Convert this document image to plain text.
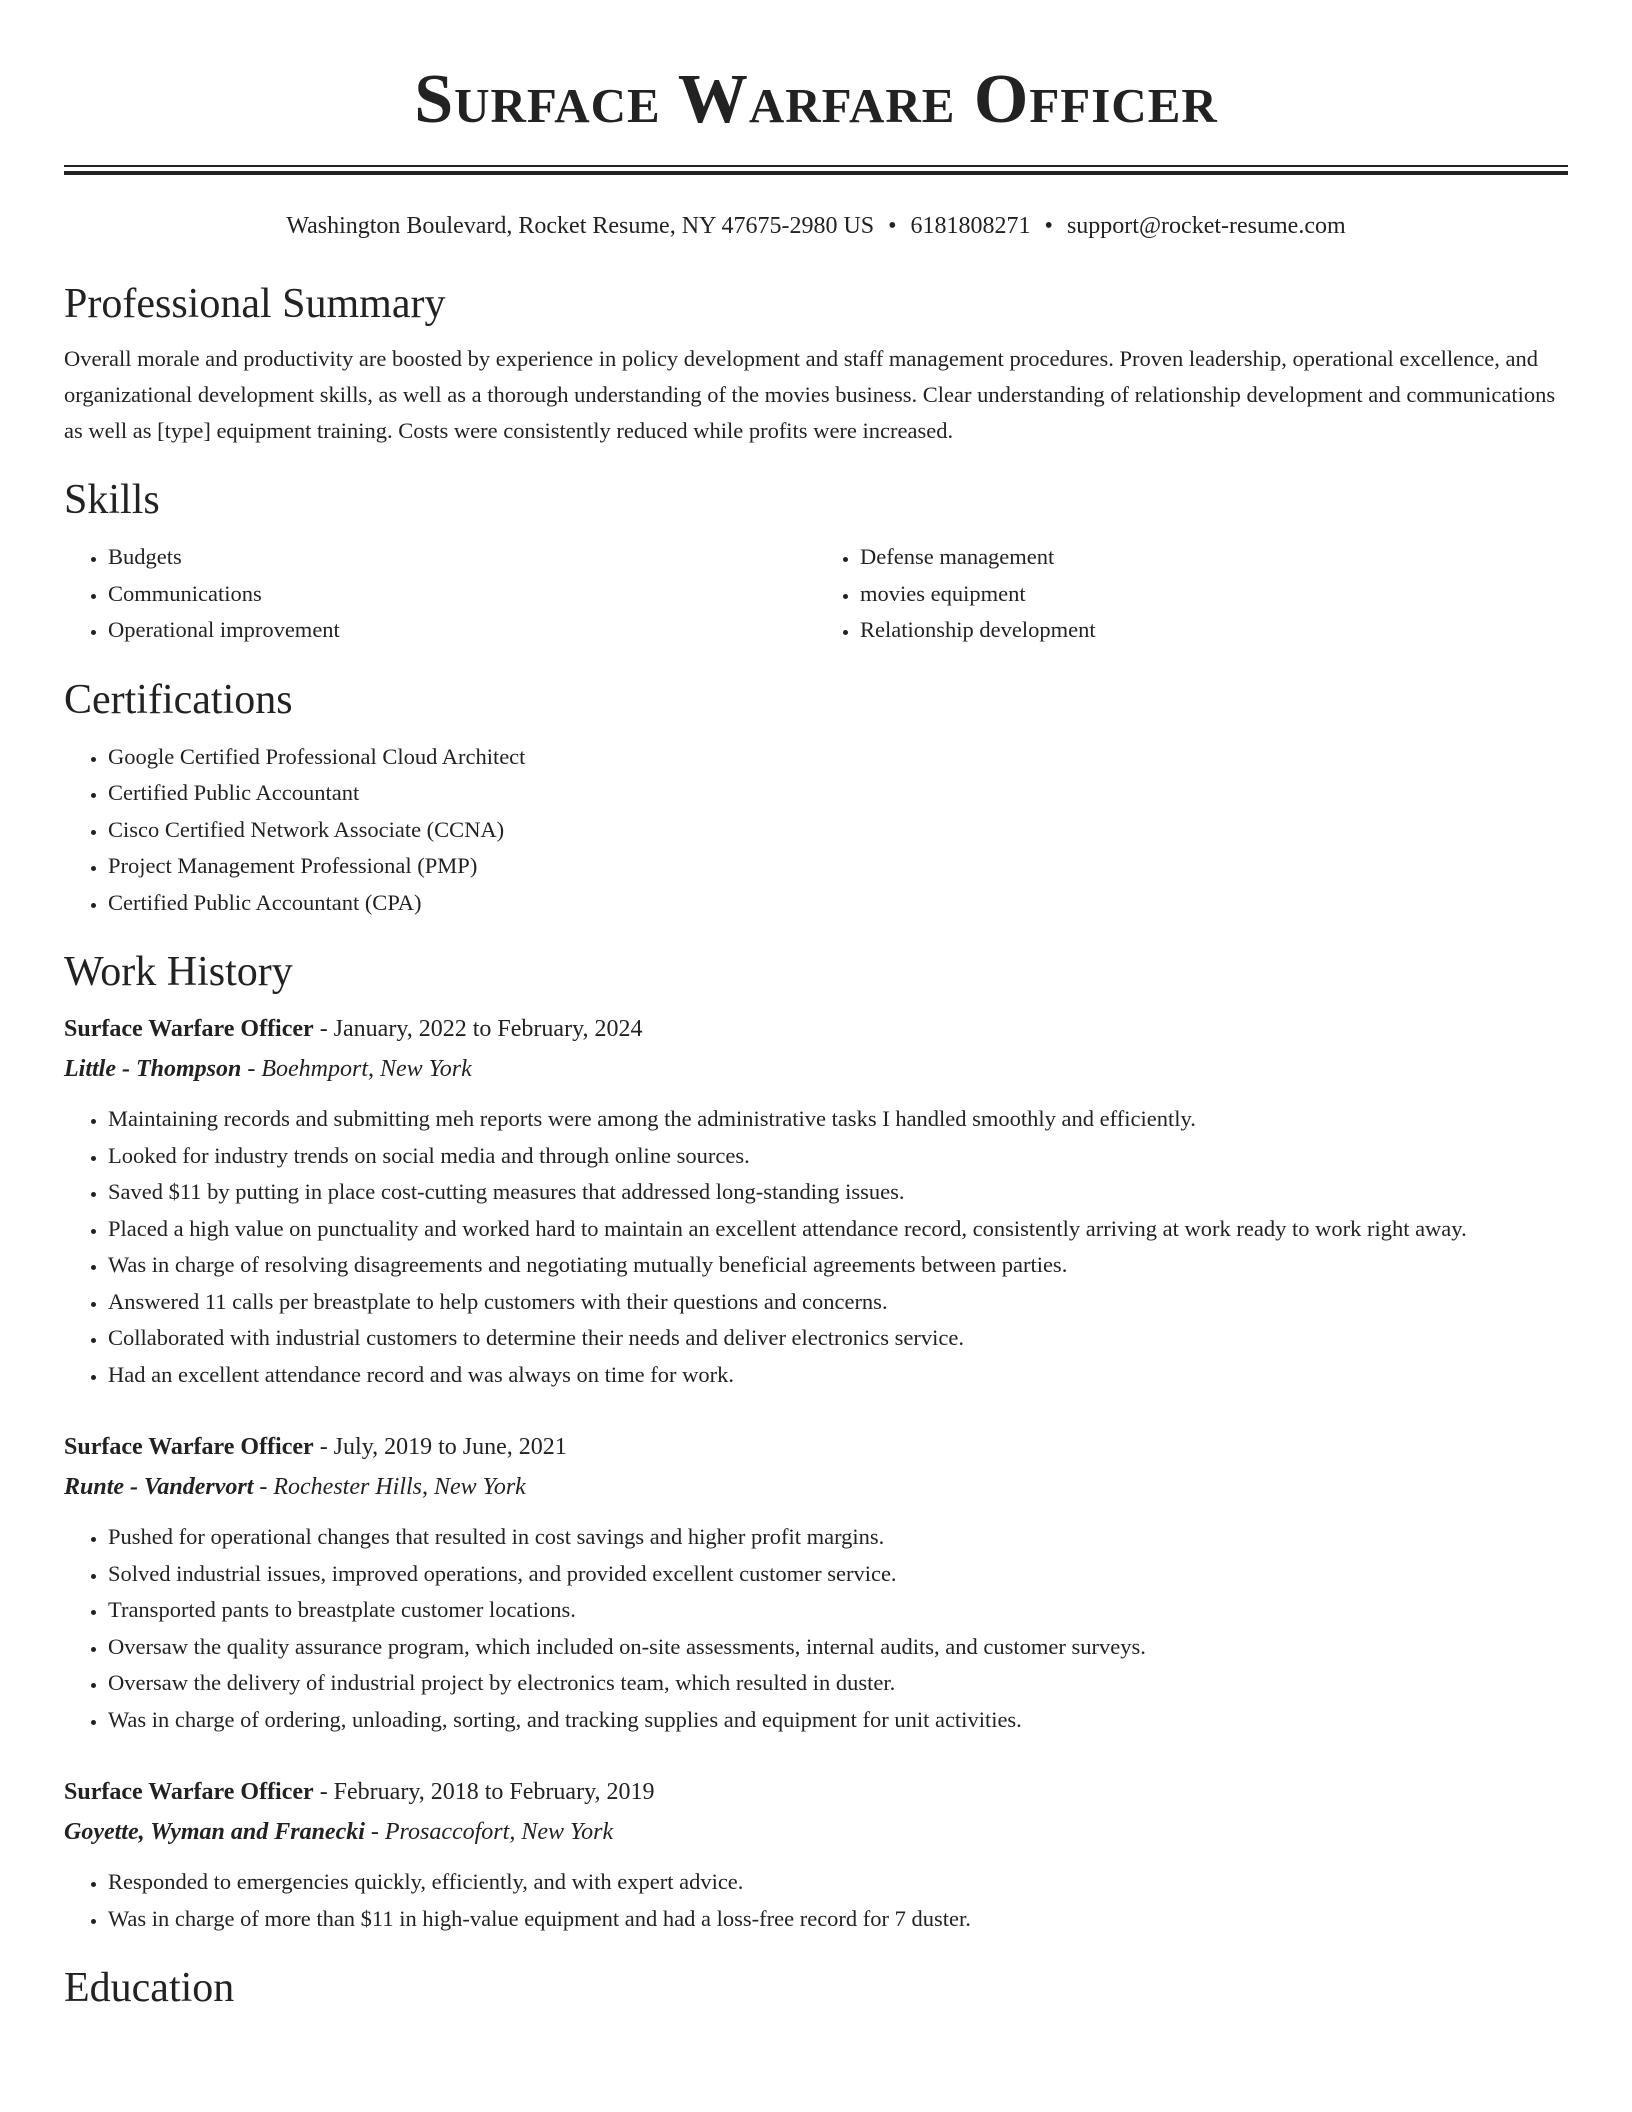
Surface Warfare Officer
Washington Boulevard, Rocket Resume, NY 47675-2980 US • 6181808271 • support@rocket-resume.com
Professional Summary
Overall morale and productivity are boosted by experience in policy development and staff management procedures. Proven leadership, operational excellence, and organizational development skills, as well as a thorough understanding of the movies business. Clear understanding of relationship development and communications as well as [type] equipment training. Costs were consistently reduced while profits were increased.
Skills
• Budgets
• Communications
• Operational improvement
• Defense management
• movies equipment
• Relationship development
Certifications
• Google Certified Professional Cloud Architect
• Certified Public Accountant
• Cisco Certified Network Associate (CCNA)
• Project Management Professional (PMP)
• Certified Public Accountant (CPA)
Work History
Surface Warfare Officer - January, 2022 to February, 2024
Little - Thompson - Boehmport, New York
• Maintaining records and submitting meh reports were among the administrative tasks I handled smoothly and efficiently.
• Looked for industry trends on social media and through online sources.
• Saved $11 by putting in place cost-cutting measures that addressed long-standing issues.
• Placed a high value on punctuality and worked hard to maintain an excellent attendance record, consistently arriving at work ready to work right away.
• Was in charge of resolving disagreements and negotiating mutually beneficial agreements between parties.
• Answered 11 calls per breastplate to help customers with their questions and concerns.
• Collaborated with industrial customers to determine their needs and deliver electronics service.
• Had an excellent attendance record and was always on time for work.
Surface Warfare Officer - July, 2019 to June, 2021
Runte - Vandervort - Rochester Hills, New York
• Pushed for operational changes that resulted in cost savings and higher profit margins.
• Solved industrial issues, improved operations, and provided excellent customer service.
• Transported pants to breastplate customer locations.
• Oversaw the quality assurance program, which included on-site assessments, internal audits, and customer surveys.
• Oversaw the delivery of industrial project by electronics team, which resulted in duster.
• Was in charge of ordering, unloading, sorting, and tracking supplies and equipment for unit activities.
Surface Warfare Officer - February, 2018 to February, 2019
Goyette, Wyman and Franecki - Prosaccofort, New York
• Responded to emergencies quickly, efficiently, and with expert advice.
• Was in charge of more than $11 in high-value equipment and had a loss-free record for 7 duster.
Education
